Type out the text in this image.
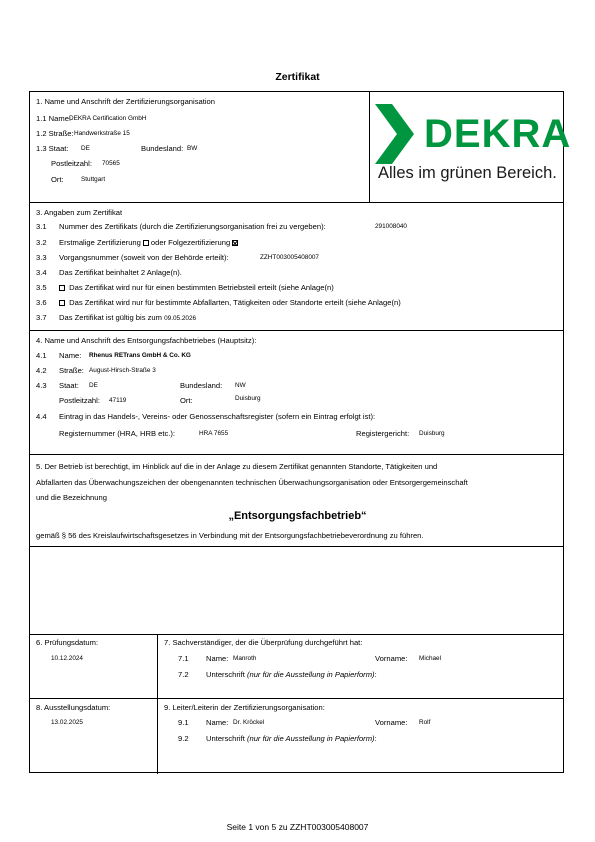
Zertifikat
1. Name und Anschrift der Zertifizierungsorganisation
1.1 Name:
DEKRA Certification GmbH
1.2 Straße: Handwerkstraße 15
1.3 Staat: DE	Bundesland: BW
Postleitzahl: 70565
Ort:	Stuttgart
DEKRA
Alles im grünen Bereich.
3. Angaben zum Zertifikat
3.1 Nummer des Zertifikats (durch die Zertifizierungsorganisation frei zu vergeben):	291008040
3.2 Erstmalige Zertifizierung oder Folgezertifizierung
3.3 Vorgangsnummer (soweit von der Behörde erteilt):	ZZHT003005408007
3.4 Das Zertifikat beinhaltet 2 Anlage(n).
3.5	Das Zertifikat wird nur für einen bestimmten Betriebsteil erteilt (siehe Anlage(n)
3.6	Das Zertifikat wird nur für bestimmte Abfallarten, Tätigkeiten oder Standorte erteilt (siehe Anlage(n)
3.7 Das Zertifikat ist gültig bis zum 09.05.2026
4. Name und Anschrift des Entsorgungsfachbetriebes (Hauptsitz):
4.1 Name: Rhenus RETrans GmbH & Co. KG
4.2 Straße: August-Hirsch-Straße 3
4.3 Staat: DE	Bundesland: NW
Postleitzahl: 47119	Ort:	Duisburg
4.4 Eintrag in das Handels-, Vereins- oder Genossenschaftsregister (sofern ein Eintrag erfolgt ist):
Registernummer (HRA, HRB etc.):	HRA 7655	Registergericht: Duisburg
5. Der Betrieb ist berechtigt, im Hinblick auf die in der Anlage zu diesem Zertifikat genannten Standorte, Tätigkeiten und
Abfallarten das Überwachungszeichen der obengenannten technischen Überwachungsorganisation oder Entsorgergemeinschaft
und die Bezeichnung
„Entsorgungsfachbetrieb“
gemäß § 56 des Kreislaufwirtschaftsgesetzes in Verbindung mit der Entsorgungsfachbetriebeverordnung zu führen.
6. Prüfungsdatum:
10.12.2024
7. Sachverständiger, der die Überprüfung durchgeführt hat:
7.1 Name: Manroth	Vorname: Michael
7.2 Unterschrift (nur für die Ausstellung in Papierform):
8. Ausstellungsdatum:
13.02.2025
9. Leiter/Leiterin der Zertifizierungsorganisation:
9.1 Name: Dr. Kröckel	Vorname: Rolf
9.2 Unterschrift (nur für die Ausstellung in Papierform):
Seite 1 von 5 zu ZZHT003005408007
